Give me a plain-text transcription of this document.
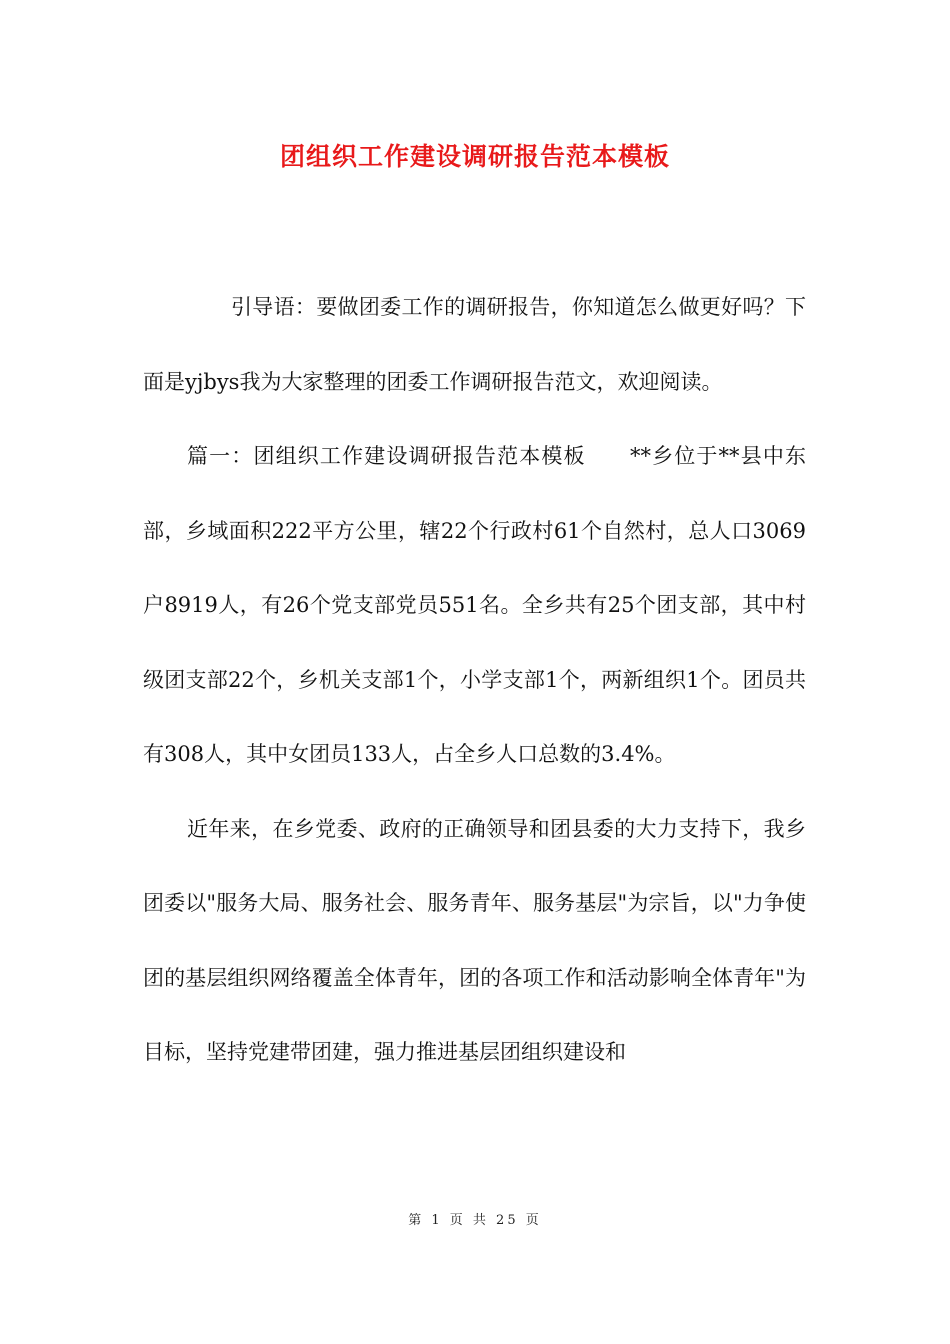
团组织工作建设调研报告范本模板

引导语：要做团委工作的调研报告，你知道怎么做更好吗？下面是yjbys我为大家整理的团委工作调研报告范文，欢迎阅读。

篇一：团组织工作建设调研报告范本模板　　**乡位于**县中东部，乡域面积222平方公里，辖22个行政村61个自然村，总人口3069户8919人，有26个党支部党员551名。全乡共有25个团支部，其中村级团支部22个，乡机关支部1个，小学支部1个，两新组织1个。团员共有308人，其中女团员133人，占全乡人口总数的3.4%。

近年来，在乡党委、政府的正确领导和团县委的大力支持下，我乡团委以"服务大局、服务社会、服务青年、服务基层"为宗旨，以"力争使团的基层组织网络覆盖全体青年，团的各项工作和活动影响全体青年"为目标，坚持党建带团建，强力推进基层团组织建设和

第 1 页 共 25 页
